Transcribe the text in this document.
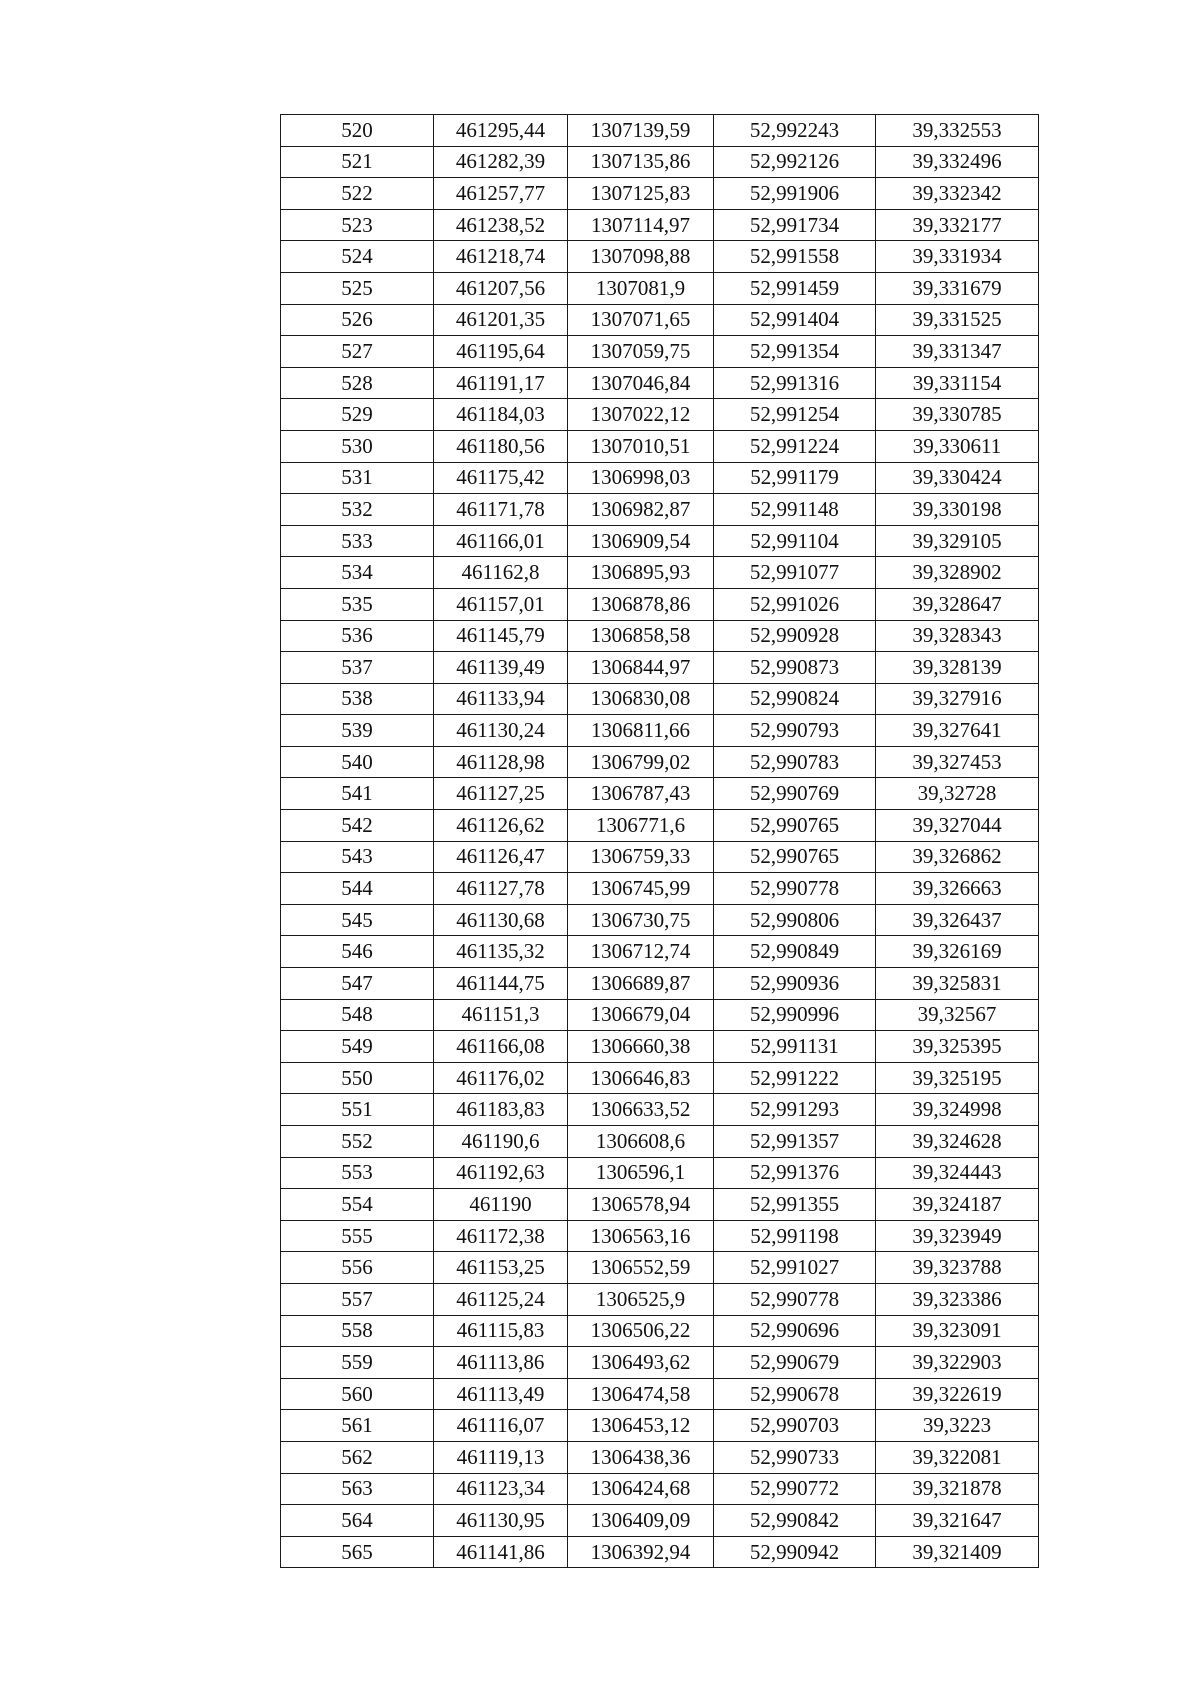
520	461295,44	1307139,59	52,992243	39,332553
521	461282,39	1307135,86	52,992126	39,332496
522	461257,77	1307125,83	52,991906	39,332342
523	461238,52	1307114,97	52,991734	39,332177
524	461218,74	1307098,88	52,991558	39,331934
525	461207,56	1307081,9	52,991459	39,331679
526	461201,35	1307071,65	52,991404	39,331525
527	461195,64	1307059,75	52,991354	39,331347
528	461191,17	1307046,84	52,991316	39,331154
529	461184,03	1307022,12	52,991254	39,330785
530	461180,56	1307010,51	52,991224	39,330611
531	461175,42	1306998,03	52,991179	39,330424
532	461171,78	1306982,87	52,991148	39,330198
533	461166,01	1306909,54	52,991104	39,329105
534	461162,8	1306895,93	52,991077	39,328902
535	461157,01	1306878,86	52,991026	39,328647
536	461145,79	1306858,58	52,990928	39,328343
537	461139,49	1306844,97	52,990873	39,328139
538	461133,94	1306830,08	52,990824	39,327916
539	461130,24	1306811,66	52,990793	39,327641
540	461128,98	1306799,02	52,990783	39,327453
541	461127,25	1306787,43	52,990769	39,32728
542	461126,62	1306771,6	52,990765	39,327044
543	461126,47	1306759,33	52,990765	39,326862
544	461127,78	1306745,99	52,990778	39,326663
545	461130,68	1306730,75	52,990806	39,326437
546	461135,32	1306712,74	52,990849	39,326169
547	461144,75	1306689,87	52,990936	39,325831
548	461151,3	1306679,04	52,990996	39,32567
549	461166,08	1306660,38	52,991131	39,325395
550	461176,02	1306646,83	52,991222	39,325195
551	461183,83	1306633,52	52,991293	39,324998
552	461190,6	1306608,6	52,991357	39,324628
553	461192,63	1306596,1	52,991376	39,324443
554	461190	1306578,94	52,991355	39,324187
555	461172,38	1306563,16	52,991198	39,323949
556	461153,25	1306552,59	52,991027	39,323788
557	461125,24	1306525,9	52,990778	39,323386
558	461115,83	1306506,22	52,990696	39,323091
559	461113,86	1306493,62	52,990679	39,322903
560	461113,49	1306474,58	52,990678	39,322619
561	461116,07	1306453,12	52,990703	39,3223
562	461119,13	1306438,36	52,990733	39,322081
563	461123,34	1306424,68	52,990772	39,321878
564	461130,95	1306409,09	52,990842	39,321647
565	461141,86	1306392,94	52,990942	39,321409
